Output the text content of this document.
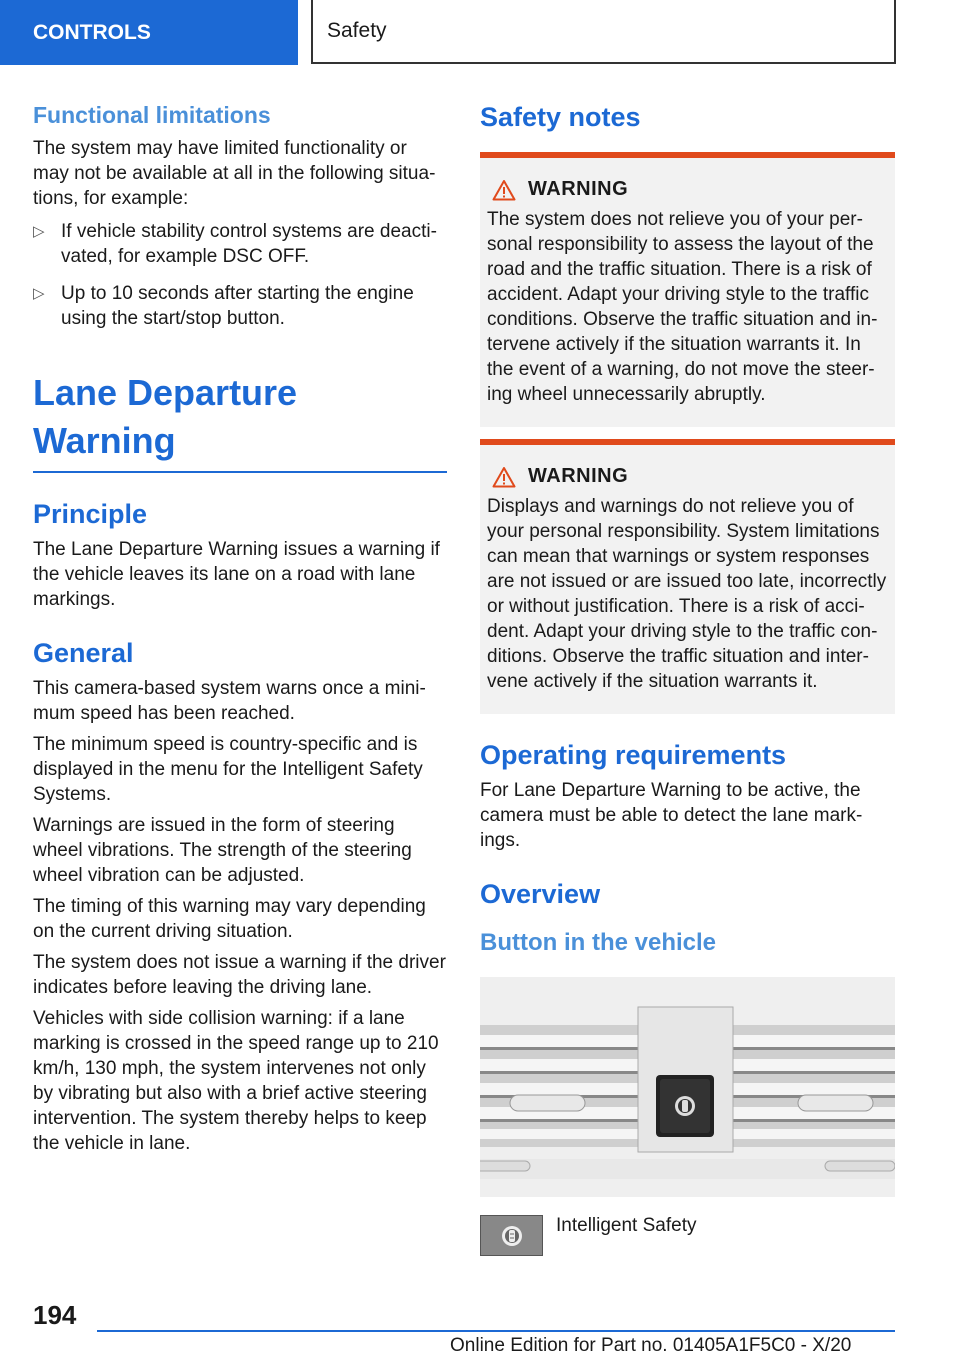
CONTROLS	Safety
Functional limitations

The system may have limited functionality or may not be available at all in the following situations, for example:

▷ If vehicle stability control systems are deactivated, for example DSC OFF.
▷ Up to 10 seconds after starting the engine using the start/stop button.
Lane Departure Warning
Principle

The Lane Departure Warning issues a warning if the vehicle leaves its lane on a road with lane markings.

General

This camera-based system warns once a minimum speed has been reached.

The minimum speed is country-specific and is displayed in the menu for the Intelligent Safety Systems.

Warnings are issued in the form of steering wheel vibrations. The strength of the steering wheel vibration can be adjusted.

The timing of this warning may vary depending on the current driving situation.

The system does not issue a warning if the driver indicates before leaving the driving lane.

Vehicles with side collision warning: if a lane marking is crossed in the speed range up to 210 km/h, 130 mph, the system intervenes not only by vibrating but also with a brief active steering intervention. The system thereby helps to keep the vehicle in lane.

Safety notes
WARNING

The system does not relieve you of your personal responsibility to assess the layout of the road and the traffic situation. There is a risk of accident. Adapt your driving style to the traffic conditions. Observe the traffic situation and intervene actively if the situation warrants it. In the event of a warning, do not move the steering wheel unnecessarily abruptly.

WARNING

Displays and warnings do not relieve you of your personal responsibility. System limitations can mean that warnings or system responses are not issued or are issued too late, incorrectly or without justification. There is a risk of accident. Adapt your driving style to the traffic conditions. Observe the traffic situation and intervene actively if the situation warrants it.

Operating requirements

For Lane Departure Warning to be active, the camera must be able to detect the lane markings.

Overview
Button in the vehicle
Intelligent Safety
194
Online Edition for Part no. 01405A1F5C0 - X/20
